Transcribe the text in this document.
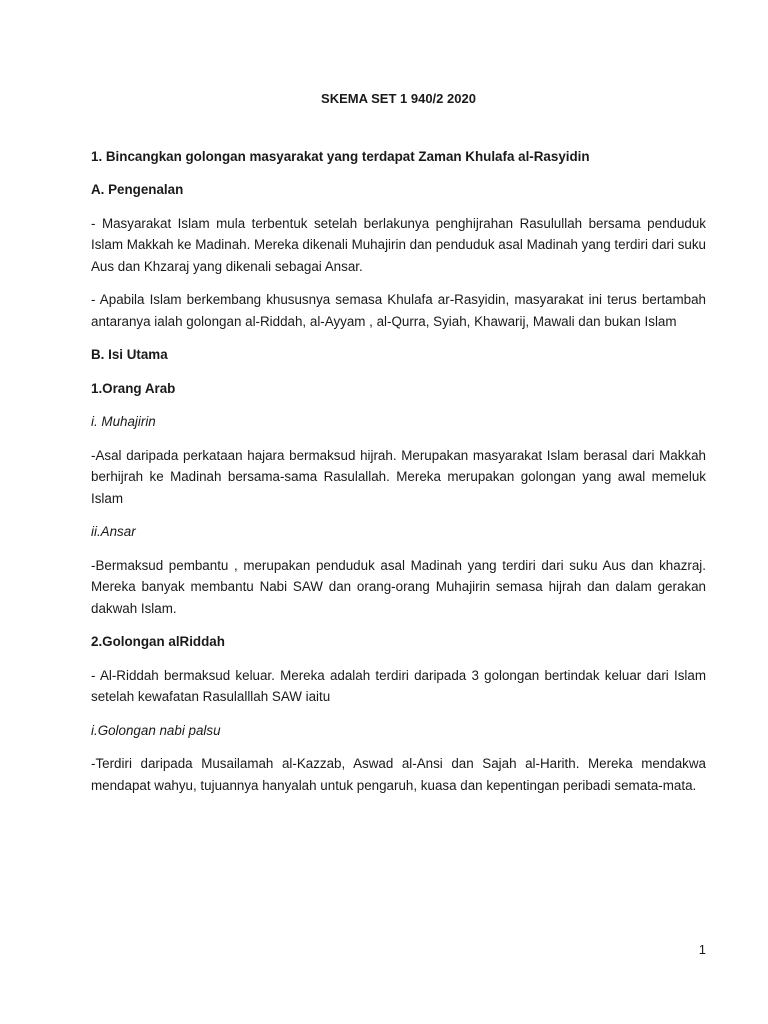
SKEMA SET 1 940/2 2020

1. Bincangkan golongan masyarakat yang terdapat Zaman Khulafa al-Rasyidin

A. Pengenalan

- Masyarakat Islam mula terbentuk setelah berlakunya penghijrahan Rasulullah bersama penduduk Islam Makkah ke Madinah. Mereka dikenali Muhajirin dan penduduk asal Madinah yang terdiri dari suku Aus dan Khzaraj yang dikenali sebagai Ansar.

- Apabila Islam berkembang khususnya semasa Khulafa ar-Rasyidin, masyarakat ini terus bertambah antaranya ialah golongan al-Riddah, al-Ayyam , al-Qurra, Syiah, Khawarij, Mawali dan bukan Islam

B. Isi Utama

1.Orang Arab

i. Muhajirin

-Asal daripada perkataan hajara bermaksud hijrah. Merupakan masyarakat Islam berasal dari Makkah berhijrah ke Madinah bersama-sama Rasulallah. Mereka merupakan golongan yang awal memeluk Islam

ii.Ansar

-Bermaksud pembantu , merupakan penduduk asal Madinah yang terdiri dari suku Aus dan khazraj. Mereka banyak membantu Nabi SAW dan orang-orang Muhajirin semasa hijrah dan dalam gerakan dakwah Islam.

2.Golongan alRiddah

- Al-Riddah bermaksud keluar. Mereka adalah terdiri daripada 3 golongan bertindak keluar dari Islam setelah kewafatan Rasulalllah SAW iaitu

i.Golongan nabi palsu

-Terdiri daripada Musailamah al-Kazzab, Aswad al-Ansi dan Sajah al-Harith. Mereka mendakwa mendapat wahyu, tujuannya hanyalah untuk pengaruh, kuasa dan kepentingan peribadi semata-mata.

1
